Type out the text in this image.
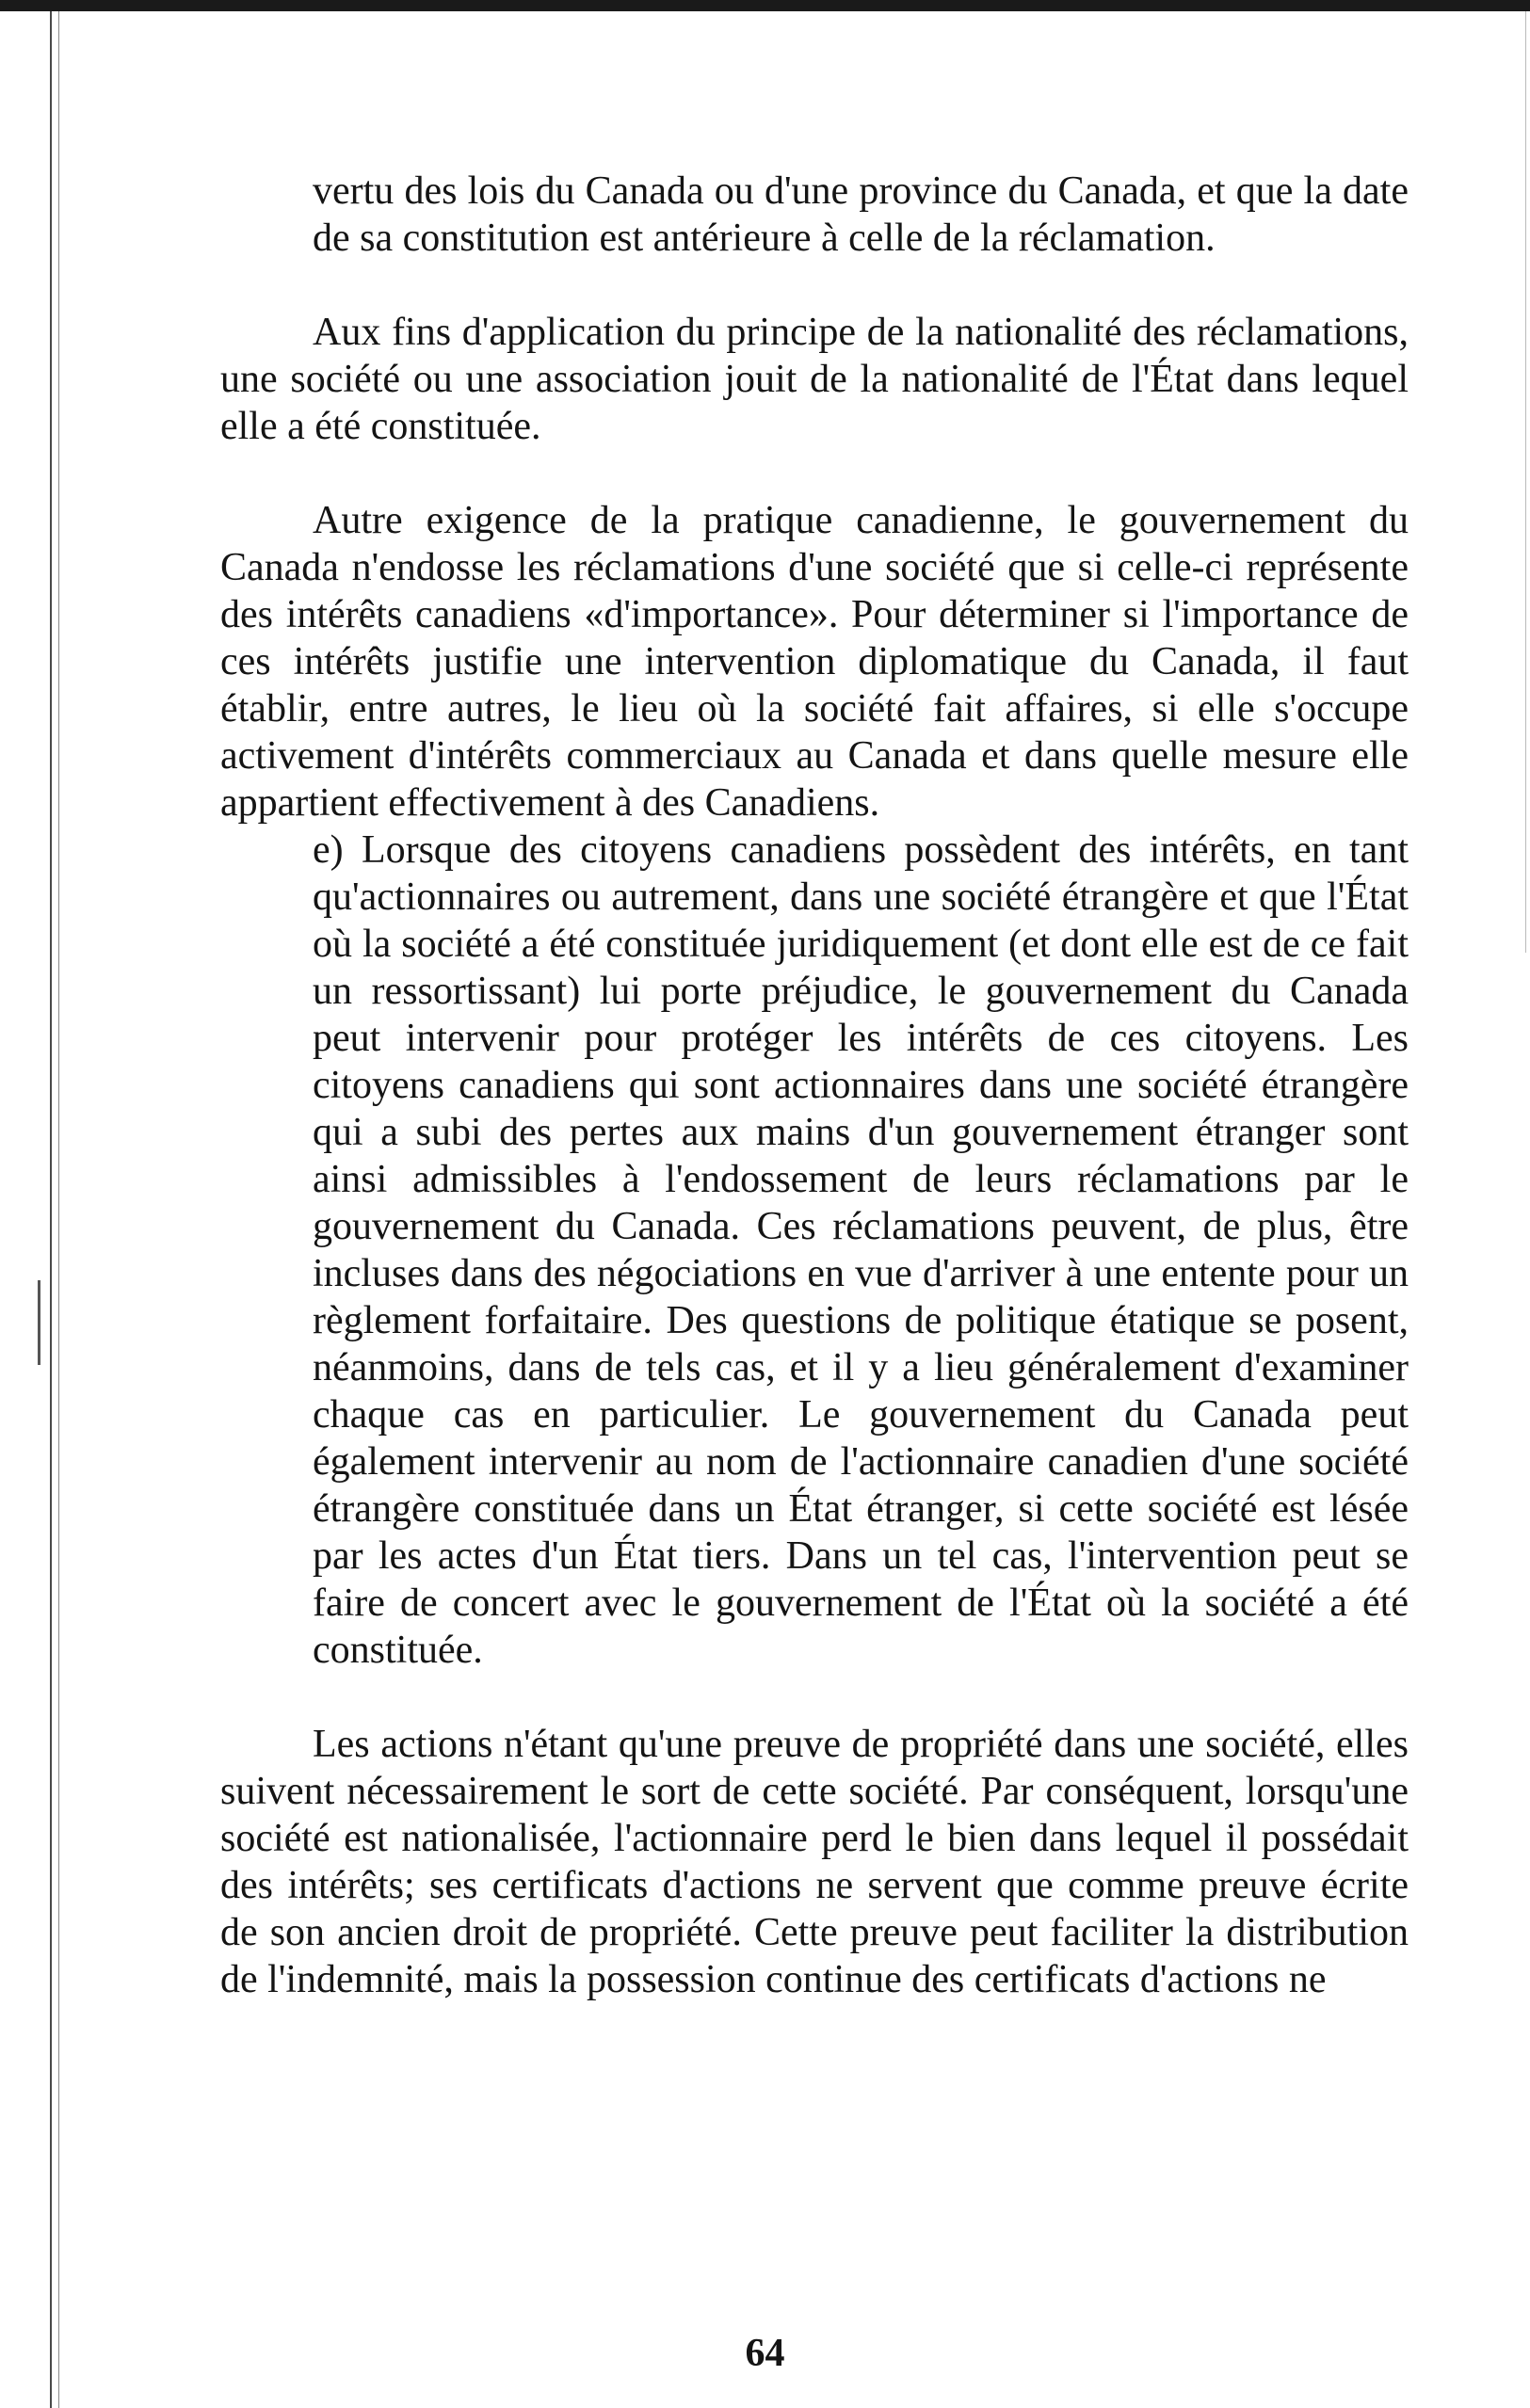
vertu des lois du Canada ou d'une province du Canada, et que la date de sa constitution est antérieure à celle de la réclamation.

Aux fins d'application du principe de la nationalité des réclamations, une société ou une association jouit de la nationalité de l'État dans lequel elle a été constituée.

Autre exigence de la pratique canadienne, le gouvernement du Canada n'endosse les réclamations d'une société que si celle-ci représente des intérêts canadiens «d'importance». Pour déterminer si l'importance de ces intérêts justifie une intervention diplomatique du Canada, il faut établir, entre autres, le lieu où la société fait affaires, si elle s'occupe activement d'intérêts commerciaux au Canada et dans quelle mesure elle appartient effectivement à des Canadiens.

e) Lorsque des citoyens canadiens possèdent des intérêts, en tant qu'actionnaires ou autrement, dans une société étrangère et que l'État où la société a été constituée juridiquement (et dont elle est de ce fait un ressortissant) lui porte préjudice, le gouvernement du Canada peut intervenir pour protéger les intérêts de ces citoyens. Les citoyens canadiens qui sont actionnaires dans une société étrangère qui a subi des pertes aux mains d'un gouvernement étranger sont ainsi admissibles à l'endossement de leurs réclamations par le gouvernement du Canada. Ces réclamations peuvent, de plus, être incluses dans des négociations en vue d'arriver à une entente pour un règlement forfaitaire. Des questions de politique étatique se posent, néanmoins, dans de tels cas, et il y a lieu généralement d'examiner chaque cas en particulier. Le gouvernement du Canada peut également intervenir au nom de l'actionnaire canadien d'une société étrangère constituée dans un État étranger, si cette société est lésée par les actes d'un État tiers. Dans un tel cas, l'intervention peut se faire de concert avec le gouvernement de l'État où la société a été constituée.

Les actions n'étant qu'une preuve de propriété dans une société, elles suivent nécessairement le sort de cette société. Par conséquent, lorsqu'une société est nationalisée, l'actionnaire perd le bien dans lequel il possédait des intérêts; ses certificats d'actions ne servent que comme preuve écrite de son ancien droit de propriété. Cette preuve peut faciliter la distribution de l'indemnité, mais la possession continue des certificats d'actions ne

64
